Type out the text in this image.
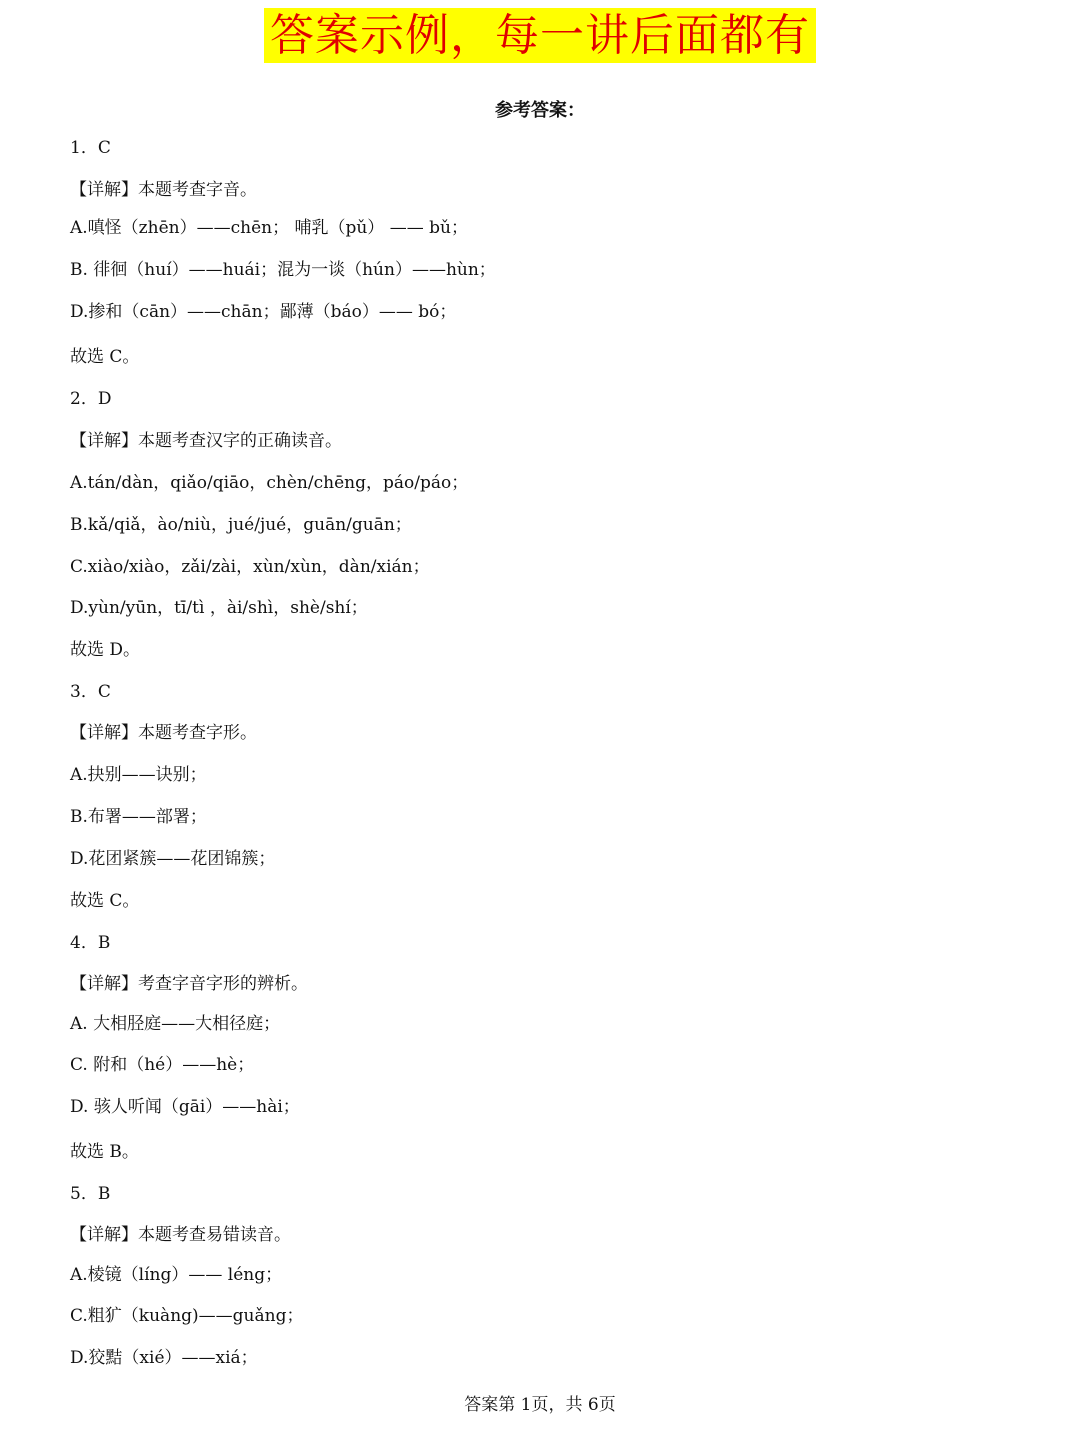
答案示例，每一讲后面都有
参考答案：
1．C
【详解】本题考查字音。
A.嗔怪（zhēn）——chēn； 哺乳（pǔ） —— bǔ；
B. 徘徊（huí）——huái；混为一谈（hún）——hùn；
D.掺和（cān）——chān；鄙薄（báo）—— bó；
故选 C。
2．D
【详解】本题考查汉字的正确读音。
A.tán/dàn，qiǎo/qiāo，chèn/chēng，páo/páo；
B.kǎ/qiǎ，ào/niù，jué/jué，guān/guān；
C.xiào/xiào，zǎi/zài，xùn/xùn，dàn/xián；
D.yùn/yūn，tī/tì ，ài/shì，shè/shí；
故选 D。
3．C
【详解】本题考查字形。
A.抉别——诀别；
B.布署——部署；
D.花团紧簇——花团锦簇；
故选 C。
4．B
【详解】考查字音字形的辨析。
A. 大相胫庭——大相径庭；
C. 附和（hé）——hè；
D. 骇人听闻（gāi）——hài；
故选 B。
5．B
【详解】本题考查易错读音。
A.棱镜（líng）—— léng；
C.粗犷（kuàng)——guǎng；
D.狡黠（xié）——xiá；
答案第 1页，共 6页
